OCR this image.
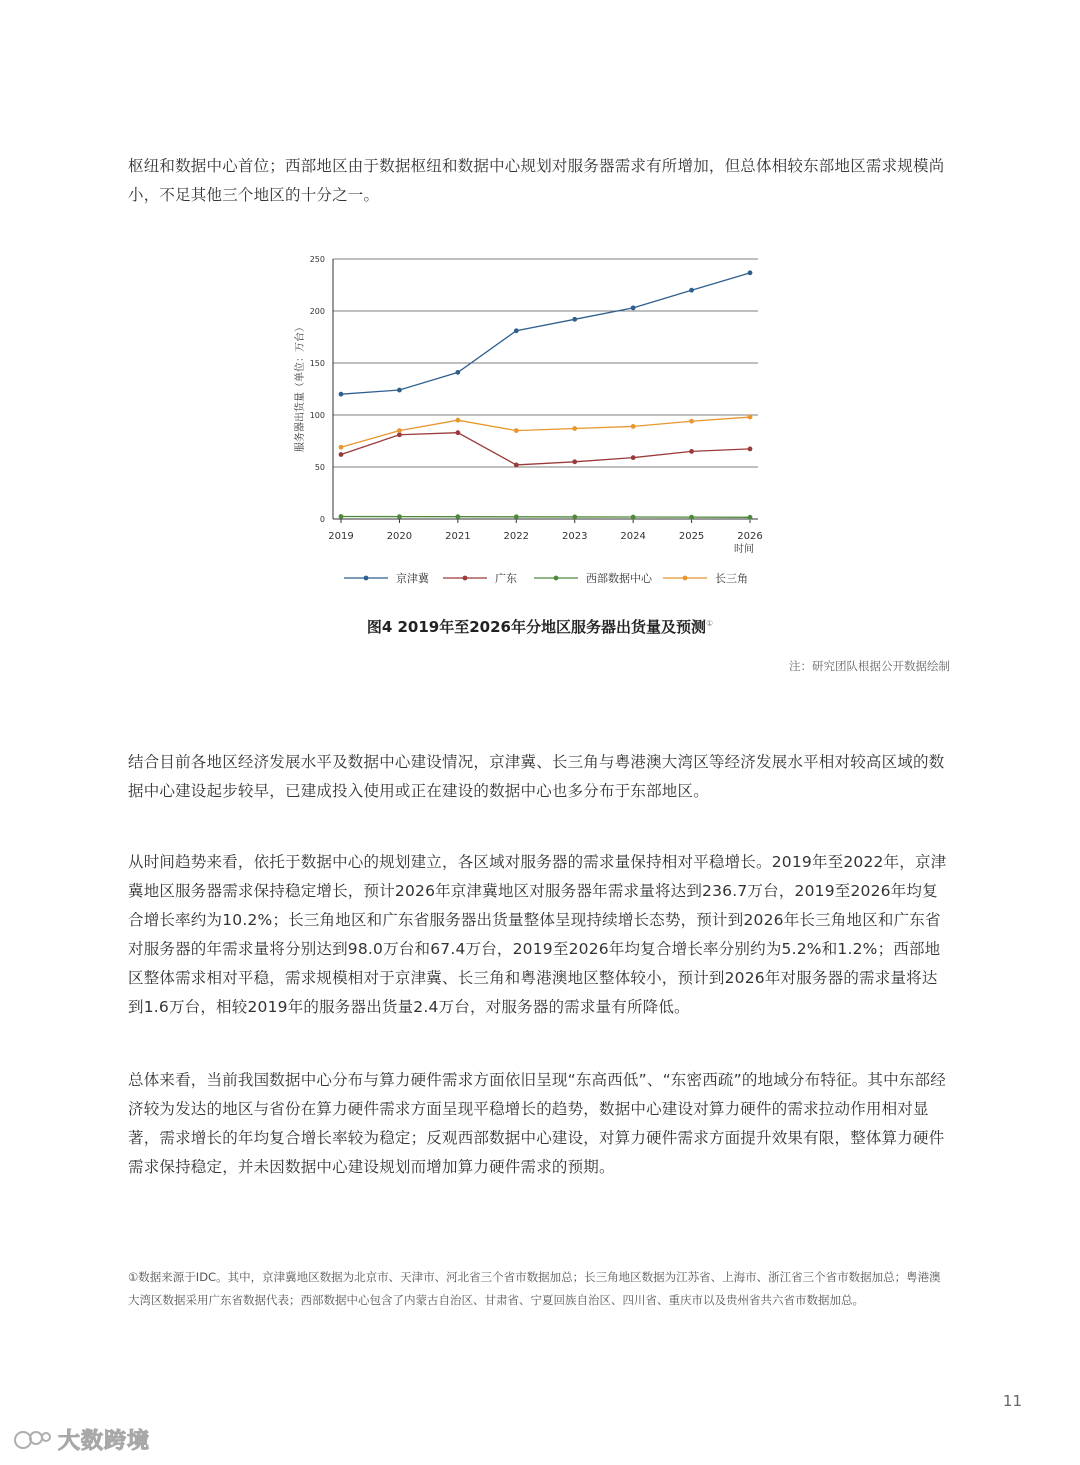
枢纽和数据中心首位；西部地区由于数据枢纽和数据中心规划对服务器需求有所增加，但总体相较东部地区需求规模尚小，不足其他三个地区的十分之一。

0
50
100
150
200
250
2019	2020	2021	2022	2023	2024	2025	2026
服务器出货量（单位：万台）
时间
京津冀	广东	西部数据中心	长三角
图4 2019年至2026年分地区服务器出货量及预测①
注：研究团队根据公开数据绘制

结合目前各地区经济发展水平及数据中心建设情况，京津冀、长三角与粤港澳大湾区等经济发展水平相对较高区域的数据中心建设起步较早，已建成投入使用或正在建设的数据中心也多分布于东部地区。

从时间趋势来看，依托于数据中心的规划建立，各区域对服务器的需求量保持相对平稳增长。2019年至2022年，京津冀地区服务器需求保持稳定增长，预计2026年京津冀地区对服务器年需求量将达到236.7万台，2019至2026年均复合增长率约为10.2%；长三角地区和广东省服务器出货量整体呈现持续增长态势，预计到2026年长三角地区和广东省对服务器的年需求量将分别达到98.0万台和67.4万台，2019至2026年均复合增长率分别约为5.2%和1.2%；西部地区整体需求相对平稳，需求规模相对于京津冀、长三角和粤港澳地区整体较小，预计到2026年对服务器的需求量将达到1.6万台，相较2019年的服务器出货量2.4万台，对服务器的需求量有所降低。

总体来看，当前我国数据中心分布与算力硬件需求方面依旧呈现“东高西低”、“东密西疏”的地域分布特征。其中东部经济较为发达的地区与省份在算力硬件需求方面呈现平稳增长的趋势，数据中心建设对算力硬件的需求拉动作用相对显著，需求增长的年均复合增长率较为稳定；反观西部数据中心建设，对算力硬件需求方面提升效果有限，整体算力硬件需求保持稳定，并未因数据中心建设规划而增加算力硬件需求的预期。

①数据来源于IDC。其中，京津冀地区数据为北京市、天津市、河北省三个省市数据加总；长三角地区数据为江苏省、上海市、浙江省三个省市数据加总；粤港澳大湾区数据采用广东省数据代表；西部数据中心包含了内蒙古自治区、甘肃省、宁夏回族自治区、四川省、重庆市以及贵州省共六省市数据加总。

11
大数跨境
